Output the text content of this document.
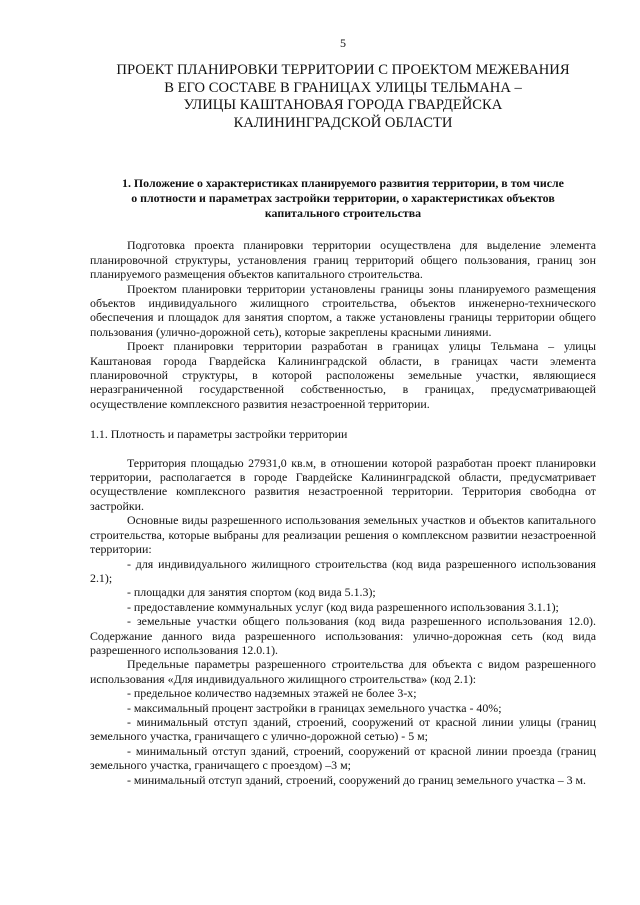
5
ПРОЕКТ ПЛАНИРОВКИ ТЕРРИТОРИИ С ПРОЕКТОМ МЕЖЕВАНИЯ
В ЕГО СОСТАВЕ В ГРАНИЦАХ УЛИЦЫ ТЕЛЬМАНА –
УЛИЦЫ КАШТАНОВАЯ ГОРОДА ГВАРДЕЙСКА
КАЛИНИНГРАДСКОЙ ОБЛАСТИ
1. Положение о характеристиках планируемого развития территории, в том числе
о плотности и параметрах застройки территории, о характеристиках объектов
капитального строительства

Подготовка проекта планировки территории осуществлена для выделение элемента планировочной структуры, установления границ территорий общего пользования, границ зон планируемого размещения объектов капитального строительства.

Проектом планировки территории установлены границы зоны планируемого размещения объектов индивидуального жилищного строительства, объектов инженерно-технического обеспечения и площадок для занятия спортом, а также установлены границы территории общего пользования (улично-дорожной сеть), которые закреплены красными линиями.

Проект планировки территории разработан в границах улицы Тельмана – улицы Каштановая города Гвардейска Калининградской области, в границах части элемента планировочной структуры, в которой расположены земельные участки, являющиеся неразграниченной государственной собственностью, в границах, предусматривающей осуществление комплексного развития незастроенной территории.

1.1. Плотность и параметры застройки территории

Территория площадью 27931,0 кв.м, в отношении которой разработан проект планировки территории, располагается в городе Гвардейске Калининградской области, предусматривает осуществление комплексного развития незастроенной территории. Территория свободна от застройки.

Основные виды разрешенного использования земельных участков и объектов капитального строительства, которые выбраны для реализации решения о комплексном развитии незастроенной территории:

- для индивидуального жилищного строительства (код вида разрешенного использования 2.1);

- площадки для занятия спортом (код вида 5.1.3);

- предоставление коммунальных услуг (код вида разрешенного использования 3.1.1);

- земельные участки общего пользования (код вида разрешенного использования 12.0). Содержание данного вида разрешенного использования: улично-дорожная сеть (код вида разрешенного использования 12.0.1).

Предельные параметры разрешенного строительства для объекта с видом разрешенного использования «Для индивидуального жилищного строительства» (код 2.1):

- предельное количество надземных этажей не более 3-х;

- максимальный процент застройки в границах земельного участка - 40%;

- минимальный отступ зданий, строений, сооружений от красной линии улицы (границ земельного участка, граничащего с улично-дорожной сетью) - 5 м;

- минимальный отступ зданий, строений, сооружений от красной линии проезда (границ земельного участка, граничащего с проездом) –3 м;

- минимальный отступ зданий, строений, сооружений до границ земельного участка – 3 м.
